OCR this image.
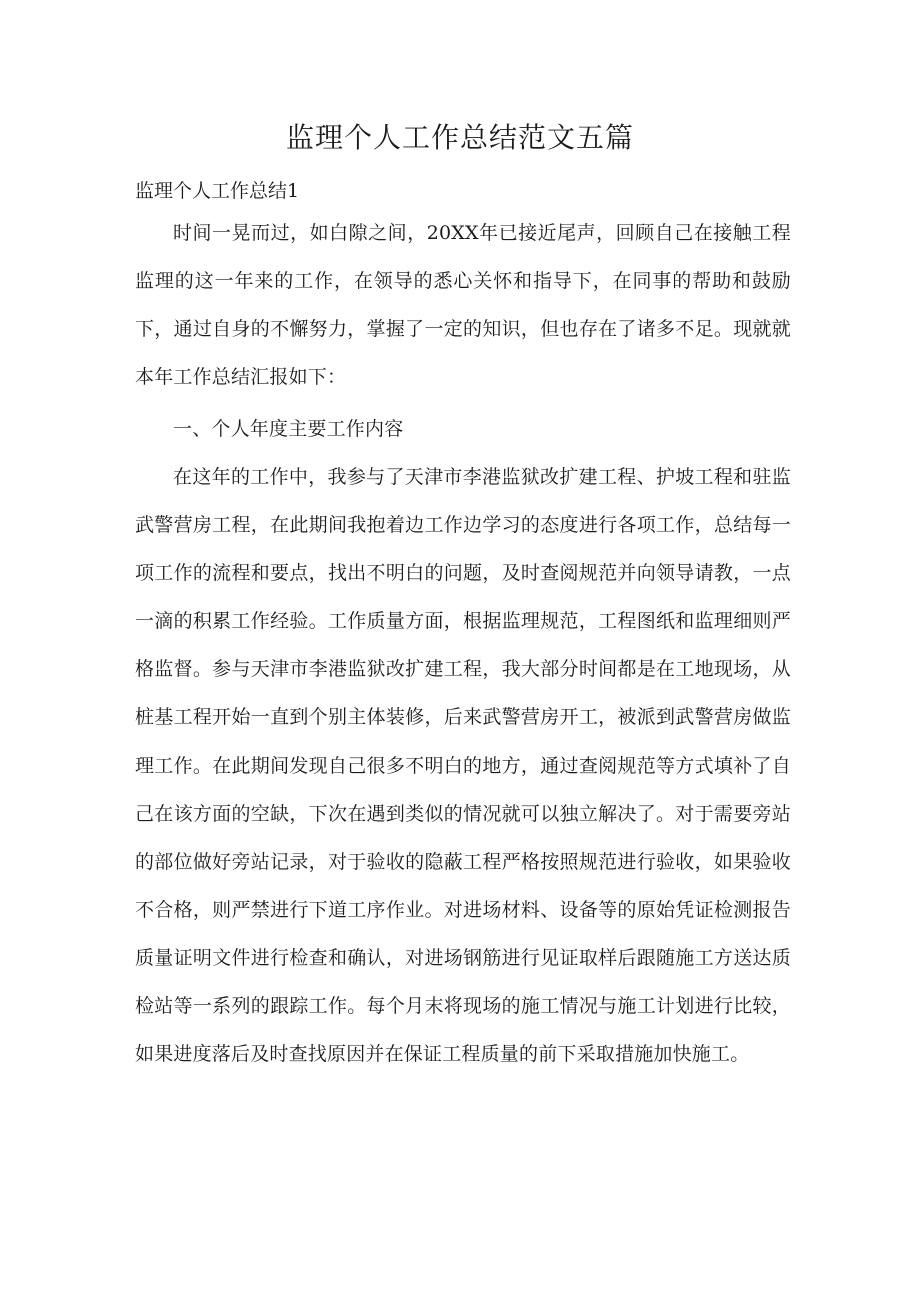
监理个人工作总结范文五篇
监理个人工作总结1

时间一晃而过，如白隙之间，20XX年已接近尾声，回顾自己在接触工程监理的这一年来的工作，在领导的悉心关怀和指导下，在同事的帮助和鼓励下，通过自身的不懈努力，掌握了一定的知识，但也存在了诸多不足。现就就本年工作总结汇报如下：

一、个人年度主要工作内容

在这年的工作中，我参与了天津市李港监狱改扩建工程、护坡工程和驻监武警营房工程，在此期间我抱着边工作边学习的态度进行各项工作，总结每一项工作的流程和要点，找出不明白的问题，及时查阅规范并向领导请教，一点一滴的积累工作经验。工作质量方面，根据监理规范，工程图纸和监理细则严格监督。参与天津市李港监狱改扩建工程，我大部分时间都是在工地现场，从桩基工程开始一直到个别主体装修，后来武警营房开工，被派到武警营房做监理工作。在此期间发现自己很多不明白的地方，通过查阅规范等方式填补了自己在该方面的空缺，下次在遇到类似的情况就可以独立解决了。对于需要旁站的部位做好旁站记录，对于验收的隐蔽工程严格按照规范进行验收，如果验收不合格，则严禁进行下道工序作业。对进场材料、设备等的原始凭证检测报告质量证明文件进行检查和确认，对进场钢筋进行见证取样后跟随施工方送达质检站等一系列的跟踪工作。每个月末将现场的施工情况与施工计划进行比较，如果进度落后及时查找原因并在保证工程质量的前下采取措施加快施工。
